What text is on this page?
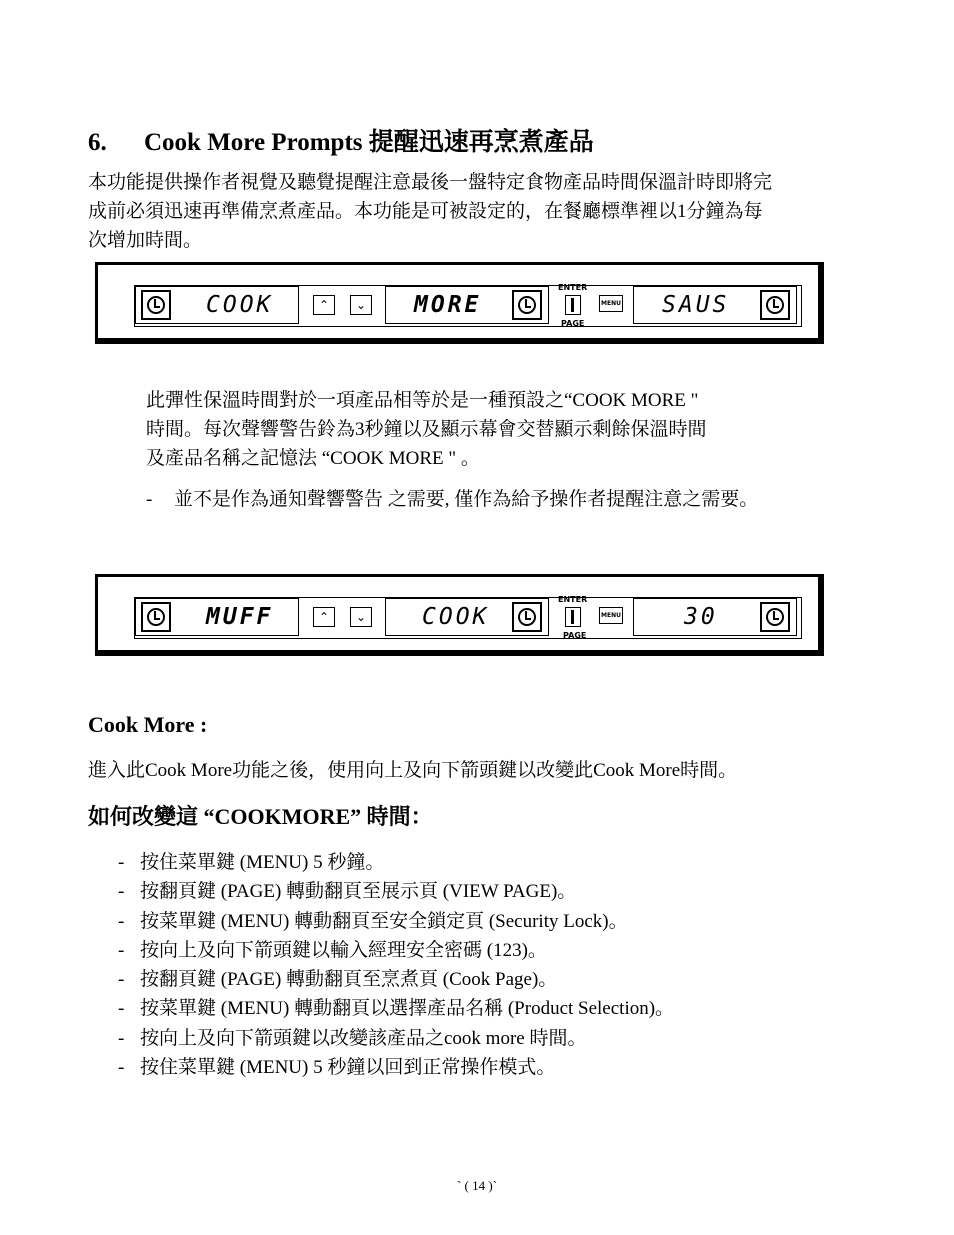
6. Cook More Prompts 提醒迅速再烹煮產品
本功能提供操作者視覺及聽覺提醒注意最後一盤特定食物產品時間保溫計時即將完
成前必須迅速再準備烹煮產品。本功能是可被設定的，在餐廳標準裡以1分鐘為每
次增加時間。
COOK	⌃	⌄ MORE
ENTER
PAGE
MENU SAUS
此彈性保溫時間對於一項產品相等於是一種預設之“COOK MORE "
時間。每次聲響警告鈴為3秒鐘以及顯示幕會交替顯示剩餘保溫時間
及產品名稱之記憶法 “COOK MORE " 。
- 並不是作為通知聲響警告 之需要, 僅作為給予操作者提醒注意之需要。
MUFF	⌃	⌄ COOK
ENTER
PAGE
MENU	30
Cook More :
進入此Cook More功能之後，使用向上及向下箭頭鍵以改變此Cook More時間。
如何改變這 “COOKMORE” 時間：
- 按住菜單鍵 (MENU) 5 秒鐘。
- 按翻頁鍵 (PAGE) 轉動翻頁至展示頁 (VIEW PAGE)。
- 按菜單鍵 (MENU) 轉動翻頁至安全鎖定頁 (Security Lock)。
- 按向上及向下箭頭鍵以輸入經理安全密碼 (123)。
- 按翻頁鍵 (PAGE) 轉動翻頁至烹煮頁 (Cook Page)。
- 按菜單鍵 (MENU) 轉動翻頁以選擇產品名稱 (Product Selection)。
- 按向上及向下箭頭鍵以改變該產品之cook more 時間。
- 按住菜單鍵 (MENU) 5 秒鐘以回到正常操作模式。
` ( 14 )`
